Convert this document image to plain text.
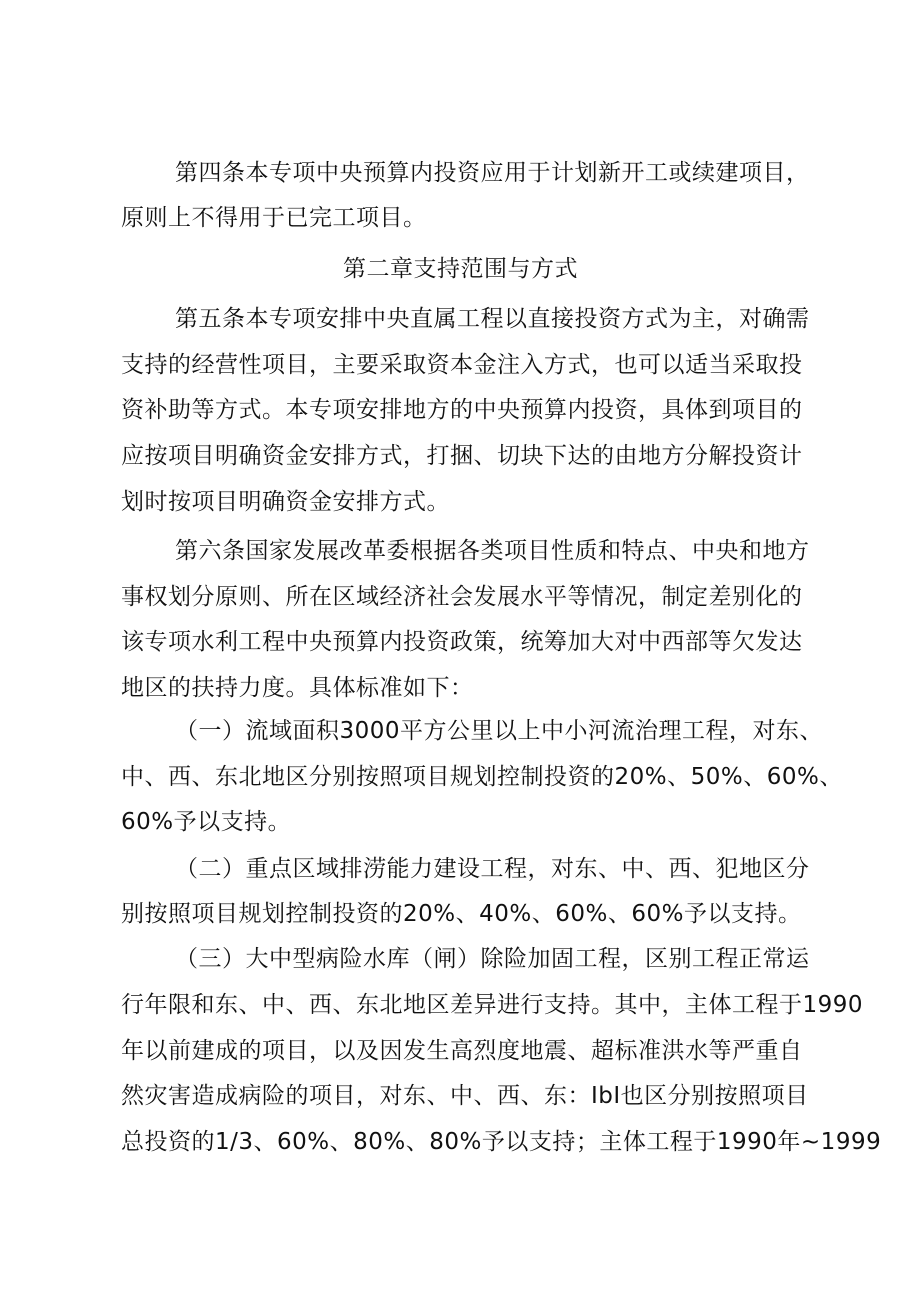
第四条本专项中央预算内投资应用于计划新开工或续建项目，
原则上不得用于已完工项目。
第二章支持范围与方式
第五条本专项安排中央直属工程以直接投资方式为主，对确需
支持的经营性项目，主要采取资本金注入方式，也可以适当采取投
资补助等方式。本专项安排地方的中央预算内投资，具体到项目的
应按项目明确资金安排方式，打捆、切块下达的由地方分解投资计
划时按项目明确资金安排方式。
第六条国家发展改革委根据各类项目性质和特点、中央和地方
事权划分原则、所在区域经济社会发展水平等情况，制定差别化的
该专项水利工程中央预算内投资政策，统筹加大对中西部等欠发达
地区的扶持力度。具体标准如下：
（一）流域面积3000平方公里以上中小河流治理工程，对东、
中、西、东北地区分别按照项目规划控制投资的20%、50%、60%、
60%予以支持。
（二）重点区域排涝能力建设工程，对东、中、西、犯地区分
别按照项目规划控制投资的20%、40%、60%、60%予以支持。
（三）大中型病险水库（闸）除险加固工程，区别工程正常运
行年限和东、中、西、东北地区差异进行支持。其中，主体工程于1990
年以前建成的项目，以及因发生高烈度地震、超标准洪水等严重自
然灾害造成病险的项目，对东、中、西、东：IbI也区分别按照项目
总投资的1/3、60%、80%、80%予以支持；主体工程于1990年~1999
